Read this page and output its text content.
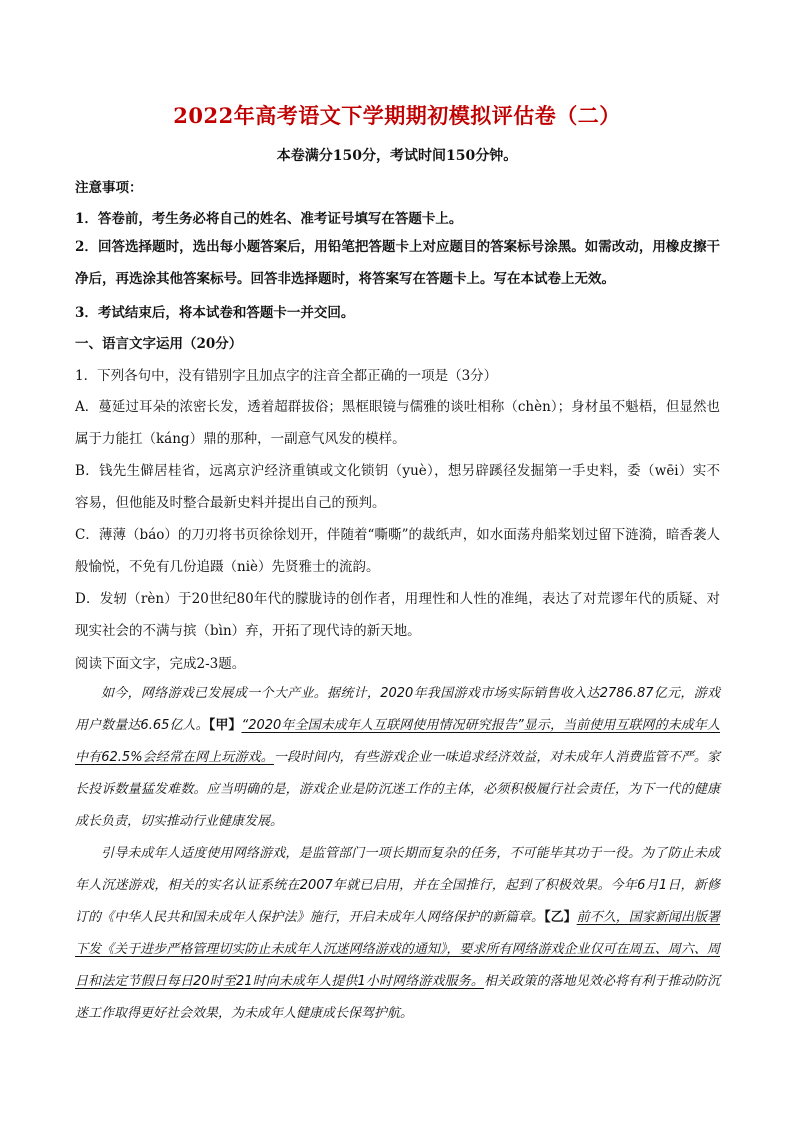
2022年高考语文下学期期初模拟评估卷（二）
本卷满分150分，考试时间150分钟。
注意事项：
1．答卷前，考生务必将自己的姓名、准考证号填写在答题卡上。
2．回答选择题时，选出每小题答案后，用铅笔把答题卡上对应题目的答案标号涂黑。如需改动，用橡皮擦干净后，再选涂其他答案标号。回答非选择题时，将答案写在答题卡上。写在本试卷上无效。
3．考试结束后，将本试卷和答题卡一并交回。
一、语言文字运用（20分）
1．下列各句中，没有错别字且加点字的注音全都正确的一项是（3分）
A．蔓延过耳朵的浓密长发，透着超群拔俗；黑框眼镜与儒雅的谈吐相称（chèn）；身材虽不魁梧，但显然也属于力能扛（káng）鼎的那种，一副意气风发的模样。
B．钱先生僻居桂省，远离京沪经济重镇或文化锁钥（yuè），想另辟蹊径发掘第一手史料，委（wēi）实不容易，但他能及时整合最新史料并提出自己的预判。
C．薄薄（báo）的刀刃将书页徐徐划开，伴随着“嘶嘶”的裁纸声，如水面荡舟船桨划过留下涟漪，暗香袭人般愉悦，不免有几份追蹑（niè）先贤雅士的流韵。
D．发轫（rèn）于20世纪80年代的朦胧诗的创作者，用理性和人性的准绳，表达了对荒谬年代的质疑、对现实社会的不满与摈（bìn）弃，开拓了现代诗的新天地。
阅读下面文字，完成2-3题。
如今，网络游戏已发展成一个大产业。据统计，2020年我国游戏市场实际销售收入达2786.87亿元，游戏用户数量达6.65亿人。【甲】“2020年全国未成年人互联网使用情况研究报告”显示，当前使用互联网的未成年人中有62.5%会经常在网上玩游戏。一段时间内，有些游戏企业一味追求经济效益，对未成年人消费监管不严。家长投诉数量猛发难数。应当明确的是，游戏企业是防沉迷工作的主体，必须积极履行社会责任，为下一代的健康成长负责，切实推动行业健康发展。
引导未成年人适度使用网络游戏，是监管部门一项长期而复杂的任务，不可能毕其功于一役。为了防止未成年人沉迷游戏，相关的实名认证系统在2007年就已启用，并在全国推行，起到了积极效果。今年6月1日，新修订的《中华人民共和国未成年人保护法》施行，开启未成年人网络保护的新篇章。【乙】前不久，国家新闻出版署下发《关于进步严格管理切实防止未成年人沉迷网络游戏的通知》，要求所有网络游戏企业仅可在周五、周六、周日和法定节假日每日20时至21时向未成年人提供1小时网络游戏服务。相关政策的落地见效必将有利于推动防沉迷工作取得更好社会效果，为未成年人健康成长保驾护航。
